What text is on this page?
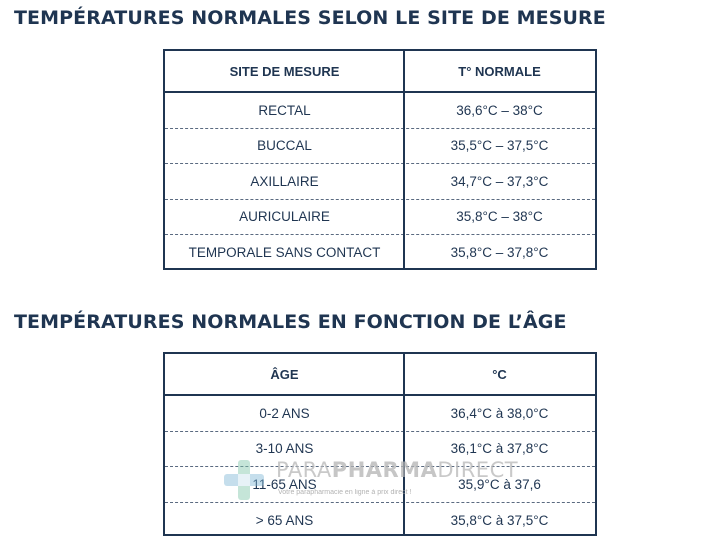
TEMPÉRATURES NORMALES SELON LE SITE DE MESURE
SITE DE MESURE	T° NORMALE
RECTAL	36,6°C – 38°C
BUCCAL	35,5°C – 37,5°C
AXILLAIRE	34,7°C – 37,3°C
AURICULAIRE	35,8°C – 38°C
TEMPORALE SANS CONTACT	35,8°C – 37,8°C
TEMPÉRATURES NORMALES EN FONCTION DE L’ÂGE
ÂGE	°C
0-2 ANS	36,4°C à 38,0°C
3-10 ANS	36,1°C à 37,8°C
11-65 ANS	35,9°C à 37,6
> 65 ANS	35,8°C à 37,5°C
PARAPHARMADIRECT
Votre parapharmacie en ligne à prix direct !
